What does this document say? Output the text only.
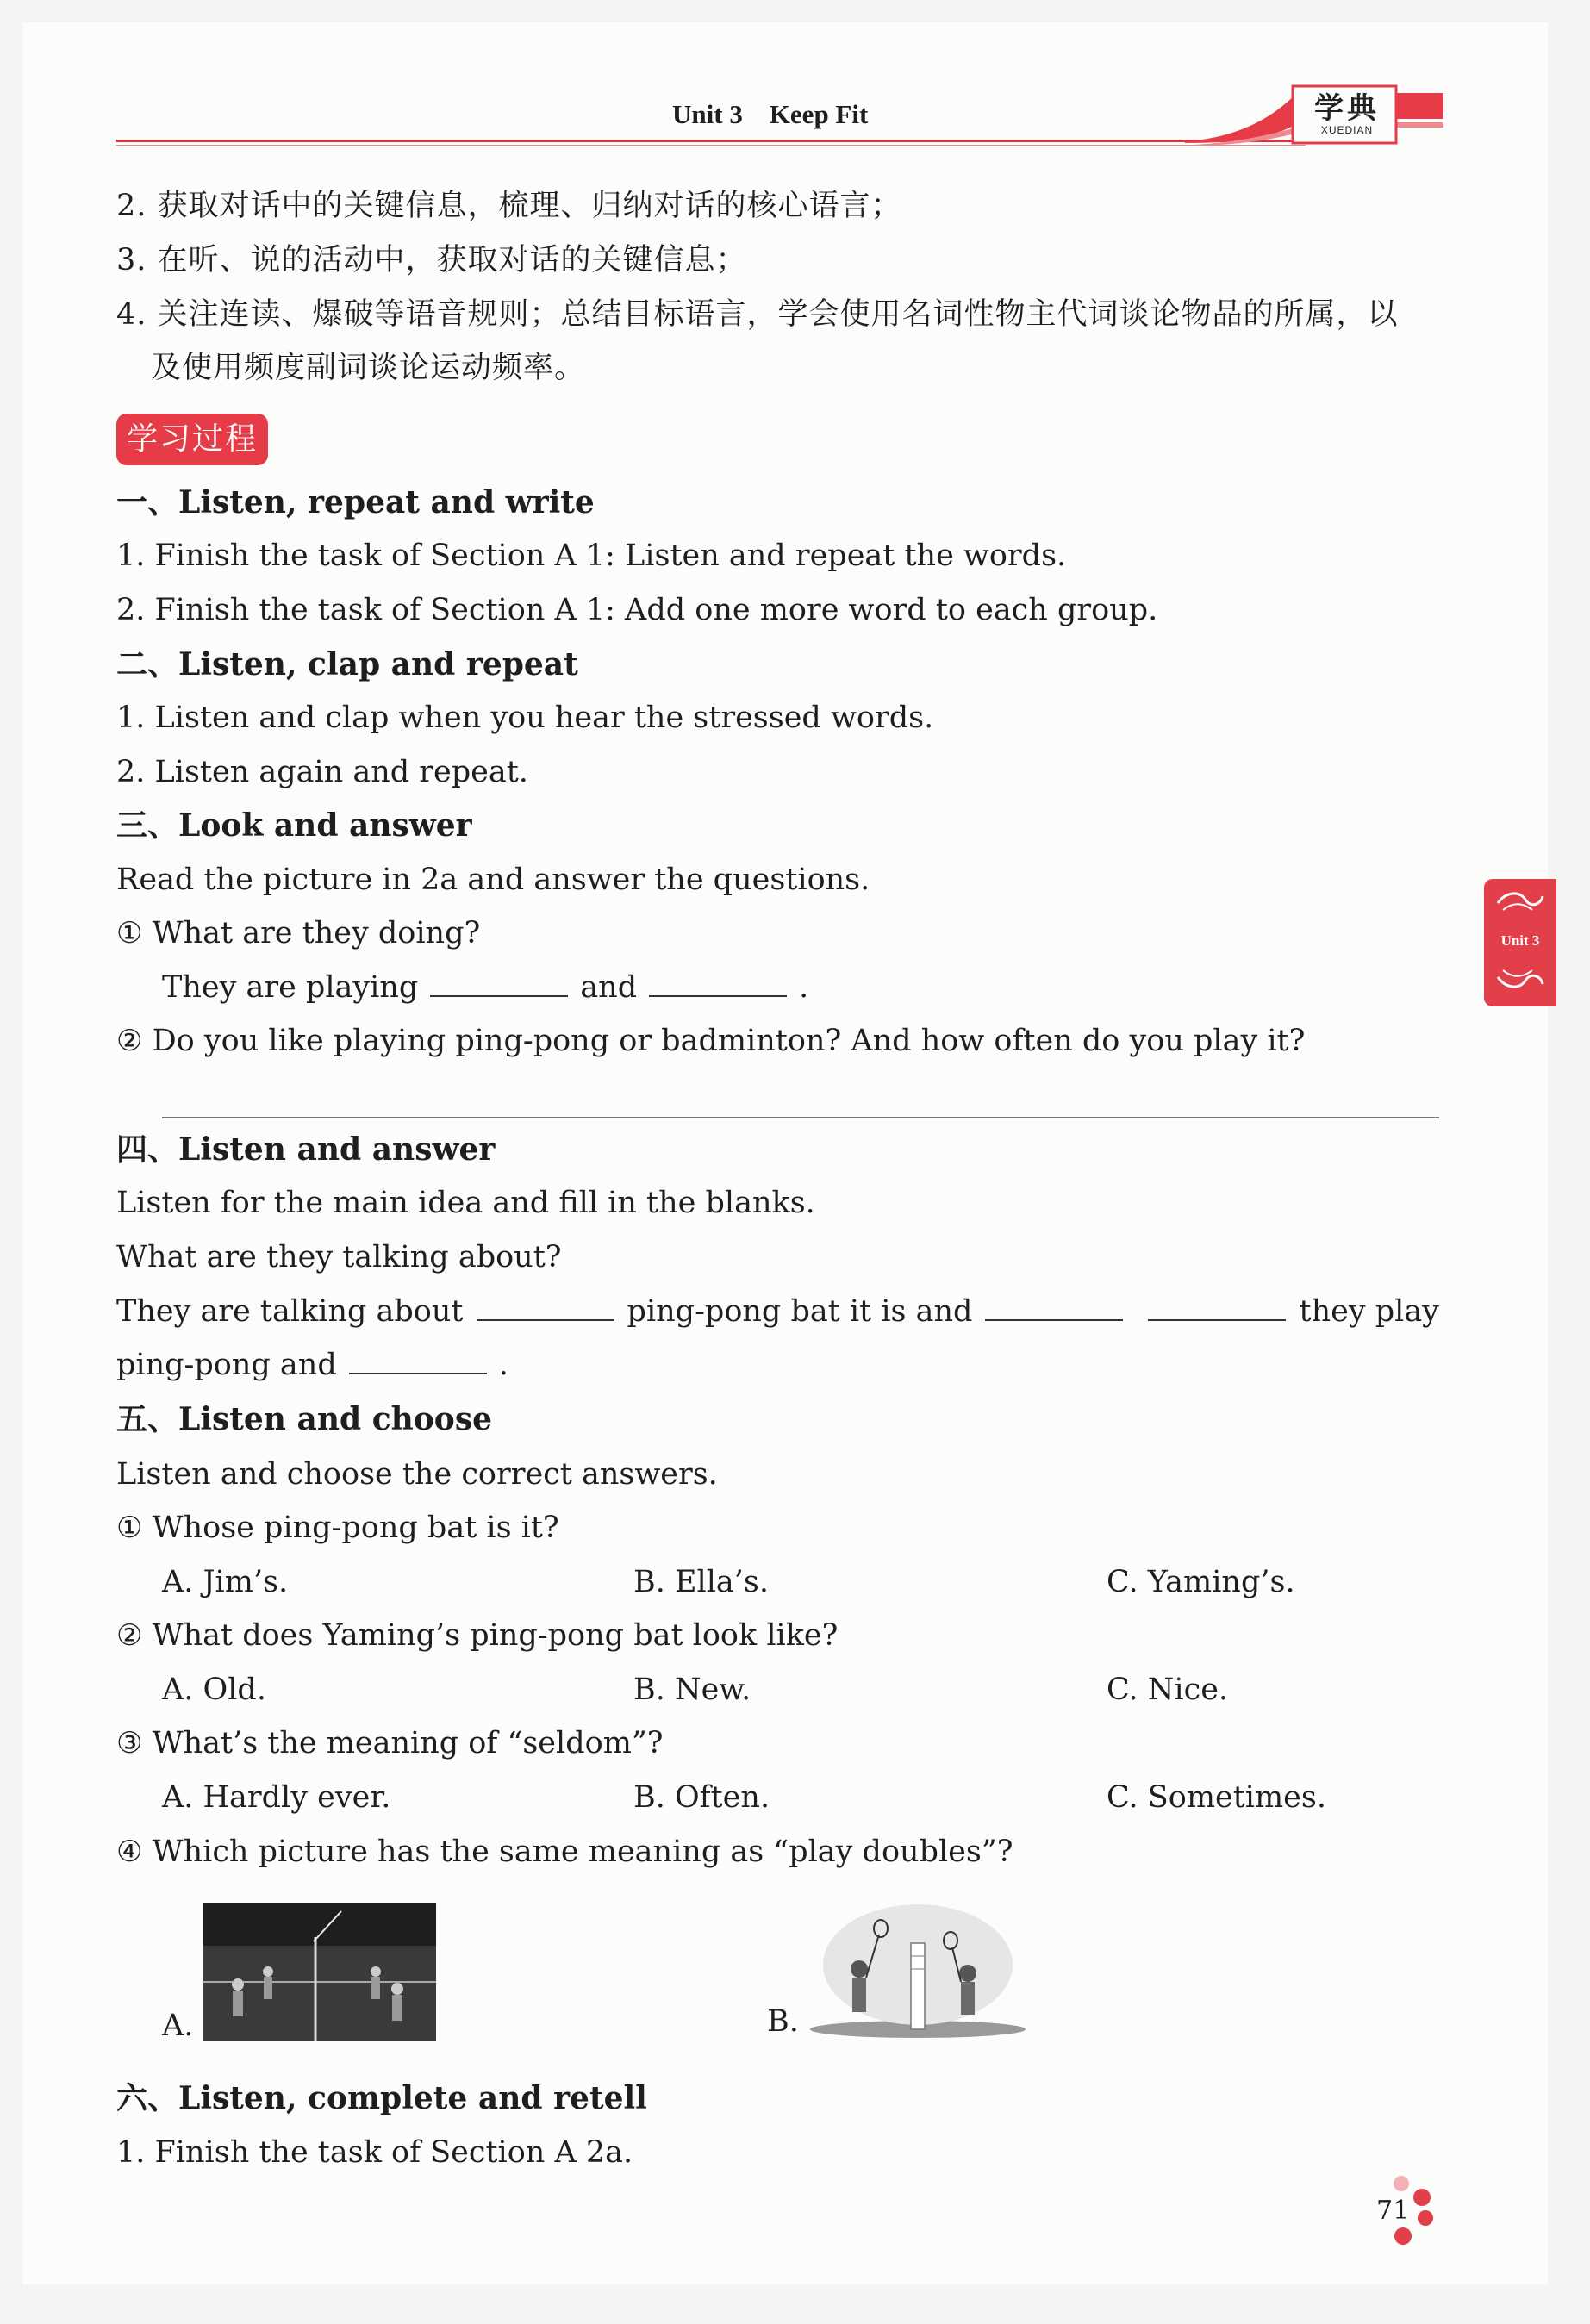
Unit 3    Keep Fit	学典
XUEDIAN
Unit 3
2. 获取对话中的关键信息，梳理、归纳对话的核心语言；
3. 在听、说的活动中，获取对话的关键信息；
4. 关注连读、爆破等语音规则；总结目标语言，学会使用名词性物主代词谈论物品的所属，以
及使用频度副词谈论运动频率。
学习过程
一、Listen, repeat and write
1. Finish the task of Section A 1: Listen and repeat the words.
2. Finish the task of Section A 1: Add one more word to each group.
二、Listen, clap and repeat
1. Listen and clap when you hear the stressed words.
2. Listen again and repeat.
三、Look and answer
Read the picture in 2a and answer the questions.
① What are they doing?
They are playing	and	.
② Do you like playing ping-pong or badminton? And how often do you play it?
四、Listen and answer
Listen for the main idea and fill in the blanks.
What are they talking about?
They are talking about	ping-pong bat it is and	they play
ping-pong and	.
五、Listen and choose
Listen and choose the correct answers.
① Whose ping-pong bat is it?
A. Jim’s.	B. Ella’s.	C. Yaming’s.
② What does Yaming’s ping-pong bat look like?
A. Old.	B. New.	C. Nice.
③ What’s the meaning of “seldom”?
A. Hardly ever.	B. Often.	C. Sometimes.
④ Which picture has the same meaning as “play doubles”?
A.	B.
六、Listen, complete and retell
1. Finish the task of Section A 2a.
71
